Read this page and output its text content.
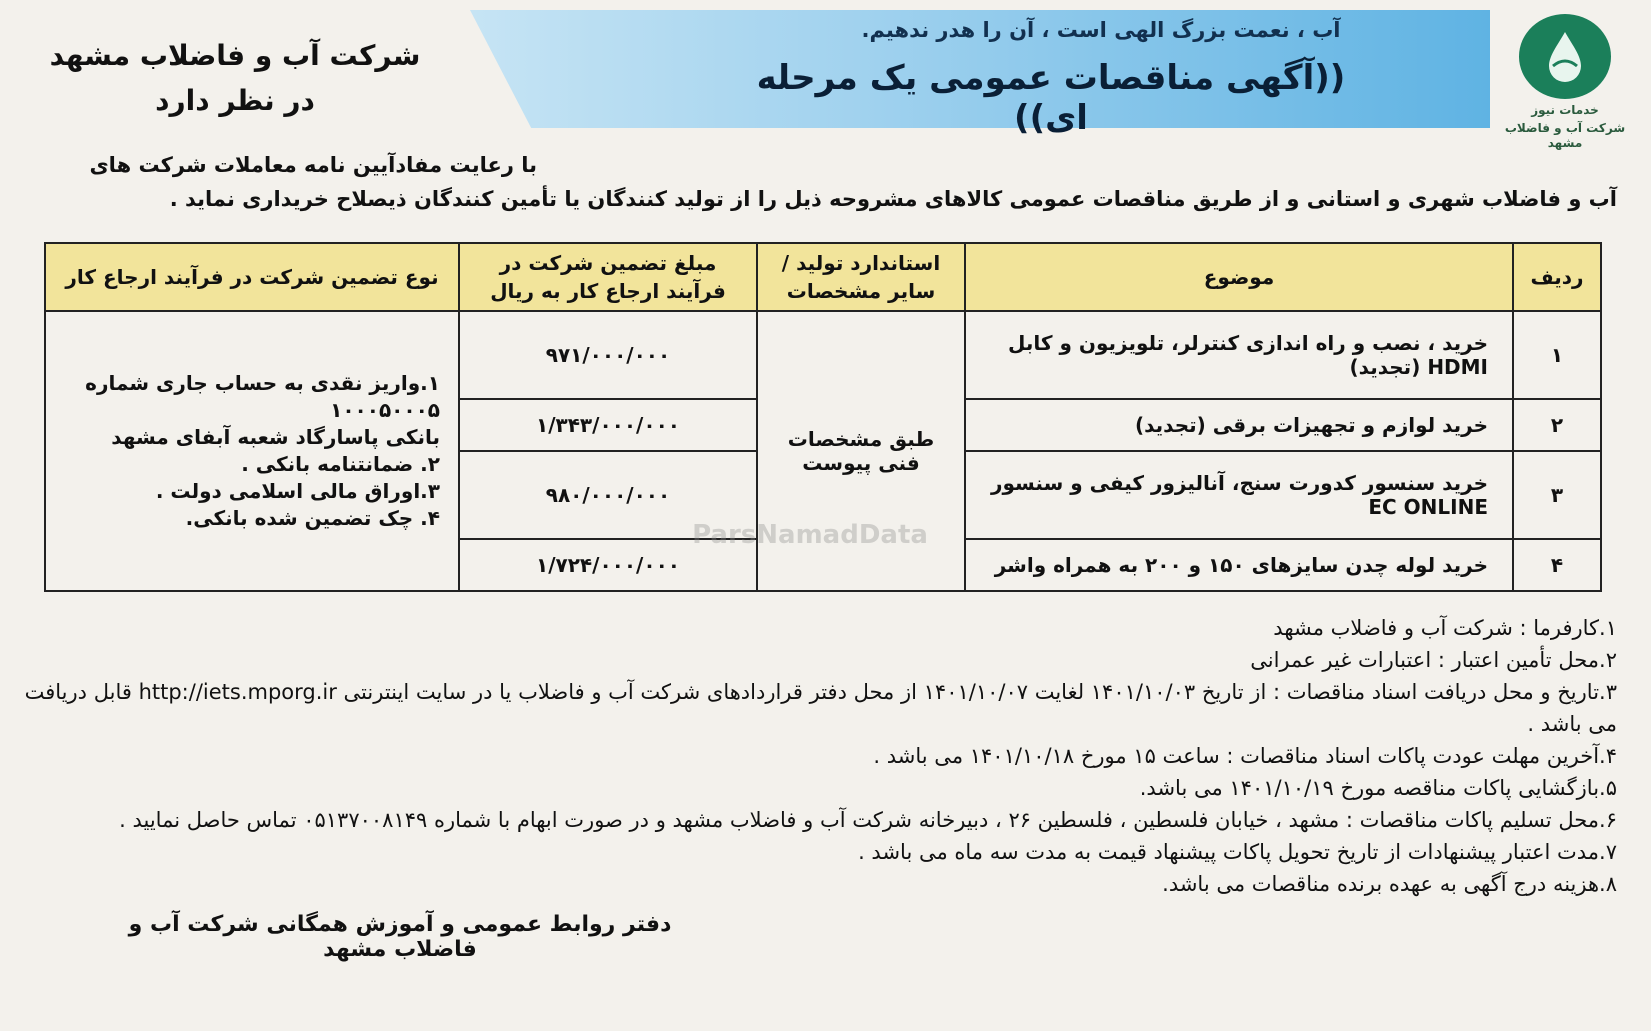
آب ، نعمت بزرگ الهی است ، آن را هدر ندهیم.
((آگهی مناقصات عمومی یک مرحله ای))	خدمات نیوز
شرکت آب و فاضلاب مشهد
شرکت آب و فاضلاب مشهد
در نظر دارد
با رعایت مفادآیین نامه معاملات شرکت های
آب و فاضلاب شهری و استانی و از طریق مناقصات عمومی کالاهای مشروحه ذیل را از تولید کنندگان یا تأمین کنندگان ذیصلاح خریداری نماید .
ردیف	موضوع	استاندارد تولید / سایر مشخصات	مبلغ تضمین شرکت در فرآیند ارجاع کار به ریال	نوع تضمین شرکت در فرآیند ارجاع کار
۱	خرید ، نصب و راه اندازی کنترلر، تلویزیون و کابل HDMI (تجدید)	طبق مشخصات فنی پیوست	۹۷۱/۰۰۰/۰۰۰	۱.واریز نقدی به حساب جاری شماره ۱۰۰۰۵۰۰۰۵
بانکی پاسارگاد شعبه آبفای مشهد
۲. ضمانتنامه بانکی .
۳.اوراق مالی اسلامی دولت .
۴. چک تضمین شده بانکی.

۲	خرید لوازم و تجهیزات برقی (تجدید)		۱/۳۴۳/۰۰۰/۰۰۰	
۳	خرید سنسور کدورت سنج، آنالیزور کیفی و سنسور EC ONLINE		۹۸۰/۰۰۰/۰۰۰	
۴	خرید لوله چدن سایزهای ۱۵۰ و ۲۰۰ به همراه واشر		۱/۷۲۴/۰۰۰/۰۰۰	
ParsNamadData
۱.کارفرما : شرکت آب و فاضلاب مشهد
۲.محل تأمین اعتبار : اعتبارات غیر عمرانی
۳.تاریخ و محل دریافت اسناد مناقصات : از تاریخ ۱۴۰۱/۱۰/۰۳ لغایت ۱۴۰۱/۱۰/۰۷ از محل دفتر قراردادهای شرکت آب و فاضلاب یا در سایت اینترنتی http://iets.mporg.ir قابل دریافت می باشد .
۴.آخرین مهلت عودت پاکات اسناد مناقصات : ساعت ۱۵ مورخ ۱۴۰۱/۱۰/۱۸ می باشد .
۵.بازگشایی پاکات مناقصه مورخ ۱۴۰۱/۱۰/۱۹ می باشد.
۶.محل تسلیم پاکات مناقصات : مشهد ، خیابان فلسطین ، فلسطین ۲۶ ، دبیرخانه شرکت آب و فاضلاب مشهد و در صورت ابهام با شماره ۰۵۱۳۷۰۰۸۱۴۹ تماس حاصل نمایید .
۷.مدت اعتبار پیشنهادات از تاریخ تحویل پاکات پیشنهاد قیمت به مدت سه ماه می باشد .
۸.هزینه درج آگهی به عهده برنده مناقصات می باشد.
دفتر روابط عمومی و آموزش همگانی شرکت آب و فاضلاب مشهد
